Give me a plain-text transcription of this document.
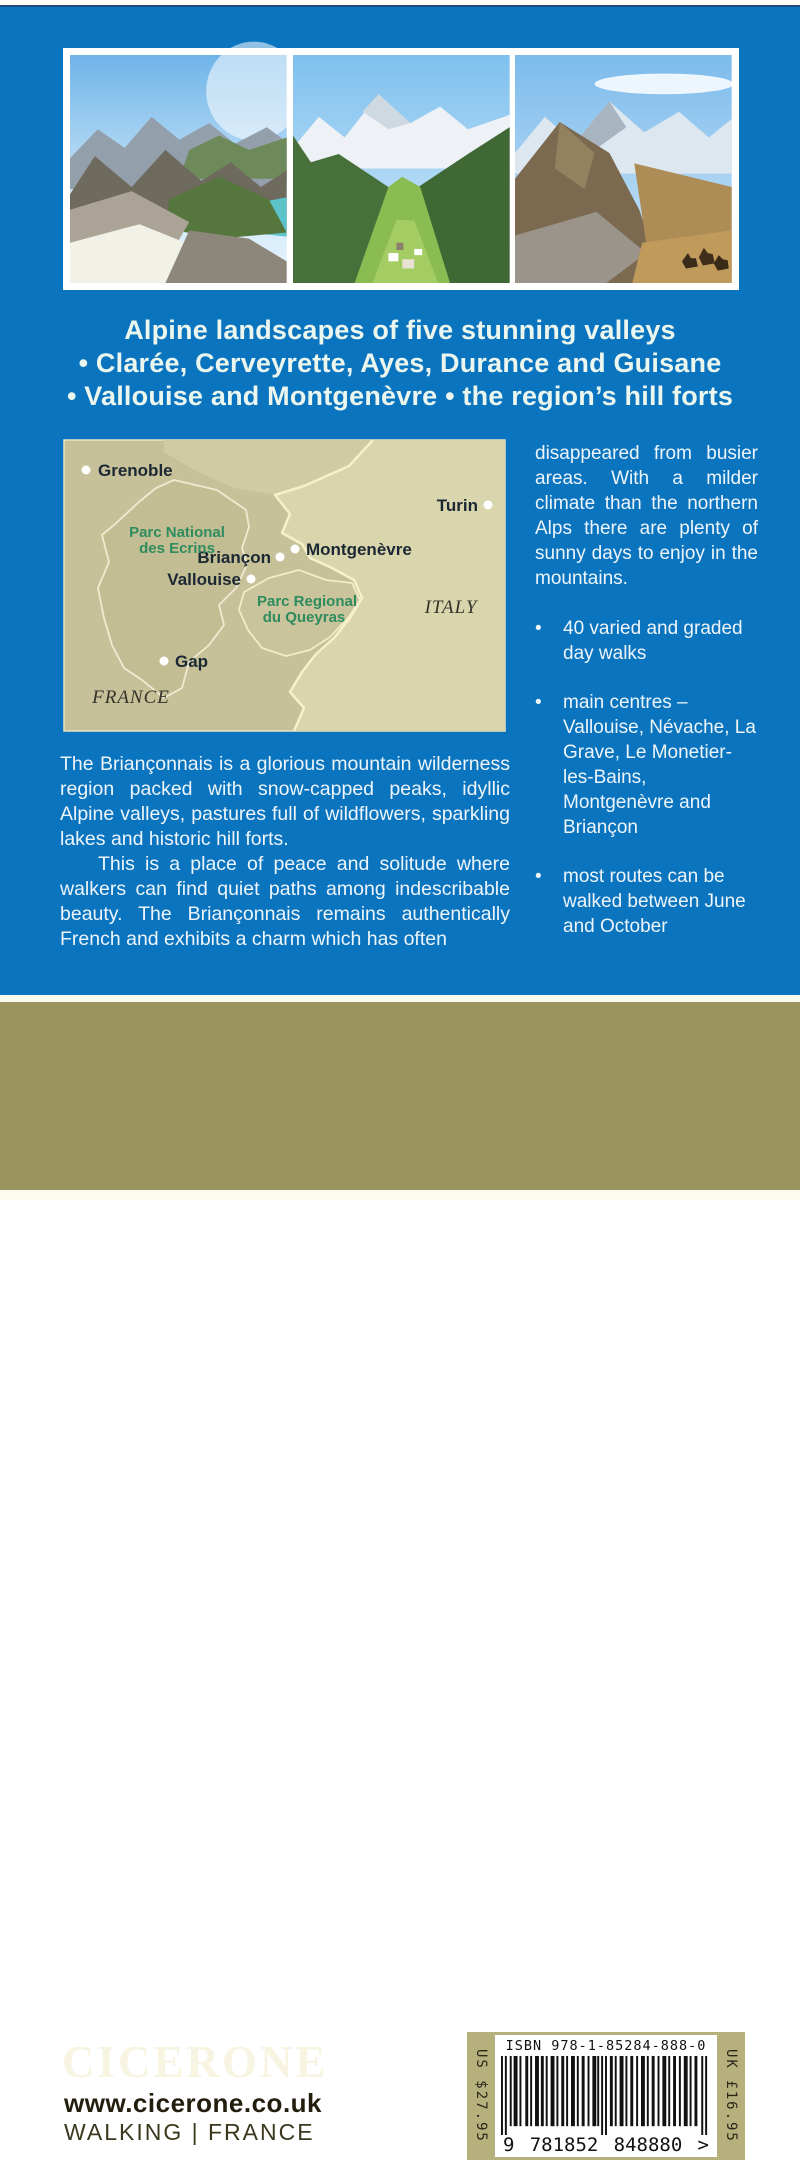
Alpine landscapes of five stunning valleys
• Clarée, Cerveyrette, Ayes, Durance and Guisane
• Vallouise and Montgenèvre • the region’s hill forts
Grenoble
Turin
Briançon Montgenèvre
Vallouise
Gap
Parc National
des Ecrins
Parc Regional
du Queyras
FRANCE
ITALY

disappeared from busier areas. With a milder climate than the northern Alps there are plenty of sunny days to enjoy in the mountains.

•	40 varied and graded day walks
•	main centres – Vallouise, Névache, La Grave, Le Monetier-les-Bains, Montgenèvre and Briançon
•	most routes can be walked between June and October
The Briançonnais is a glorious mountain wilderness region packed with snow-capped peaks, idyllic Alpine valleys, pastures full of wildflowers, sparkling lakes and historic hill forts.
This is a place of peace and solitude where walkers can find quiet paths among indescribable beauty. The Briançonnais remains authentically French and exhibits a charm which has often
CICERONE
www.cicerone.co.uk
WALKING | FRANCE	US $27.95
ISBN 978-1-85284-888-0
9 781852 848880 >
UK £16.95
